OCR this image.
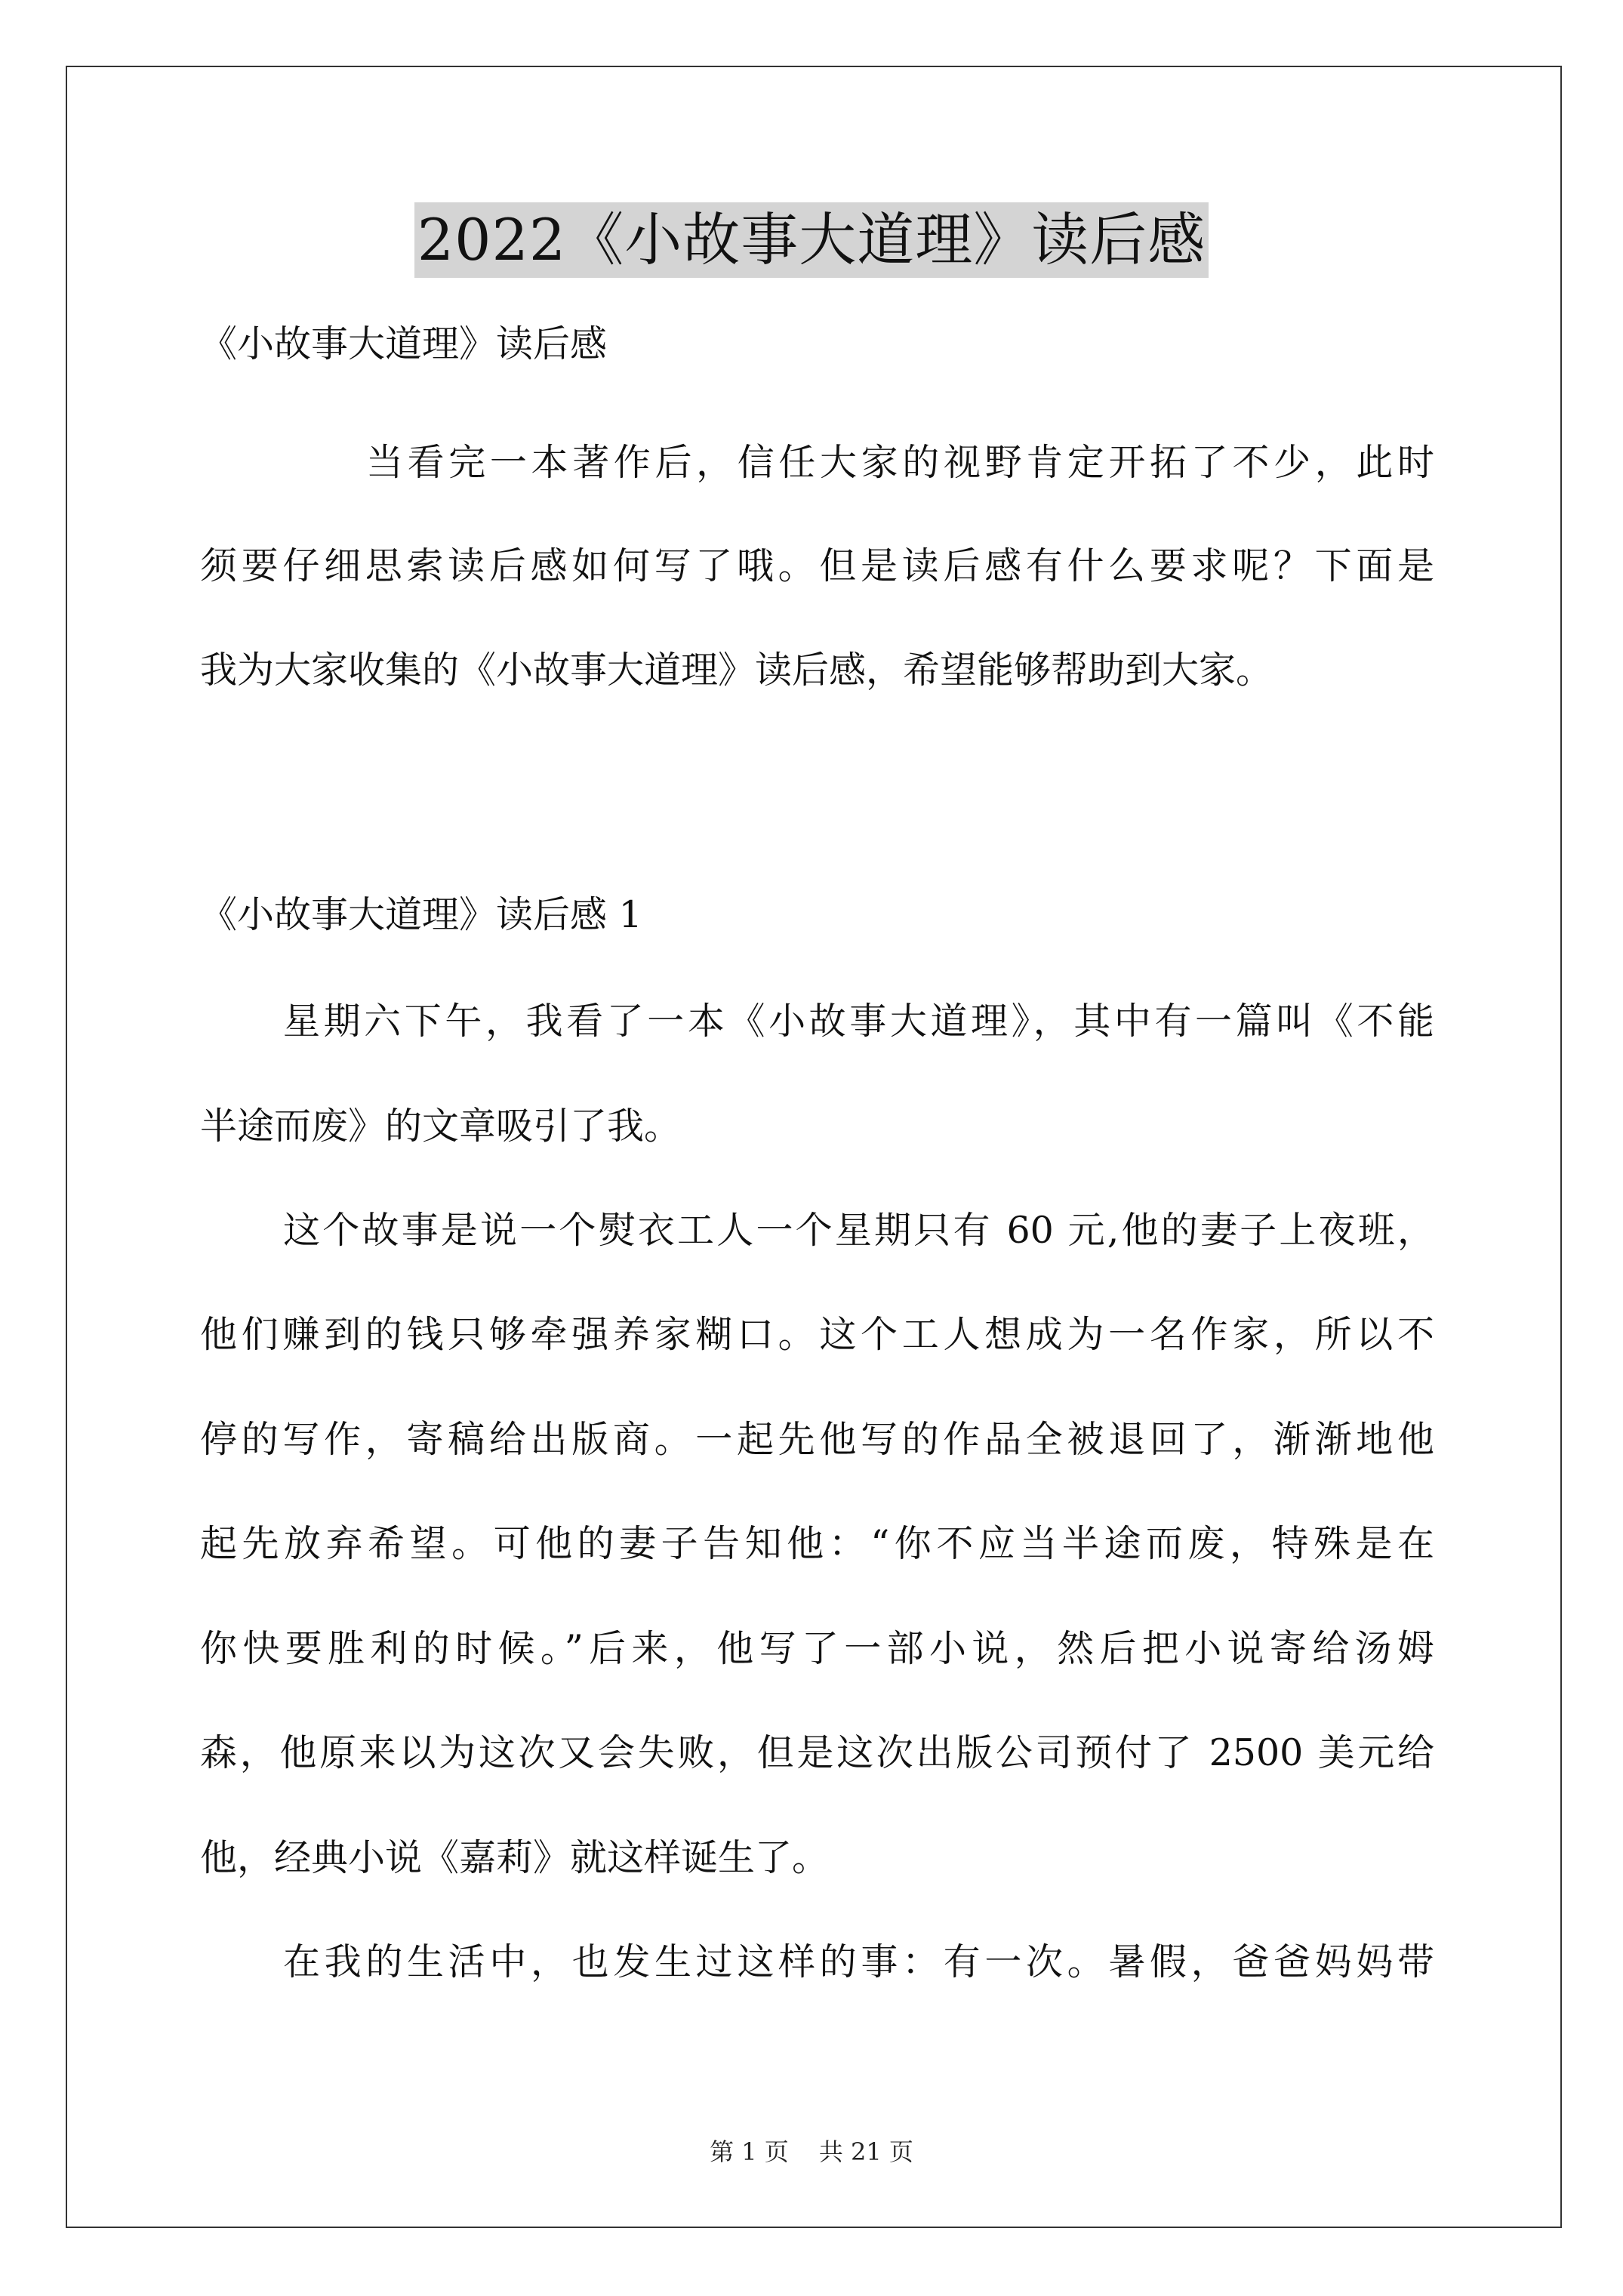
2022《小故事大道理》读后感
《小故事大道理》读后感
当看完一本著作后，信任大家的视野肯定开拓了不少，此时
须要仔细思索读后感如何写了哦。但是读后感有什么要求呢？下面是
我为大家收集的《小故事大道理》读后感，希望能够帮助到大家。
《小故事大道理》读后感 1
星期六下午，我看了一本《小故事大道理》，其中有一篇叫《不能
半途而废》的文章吸引了我。
这个故事是说一个熨衣工人一个星期只有 60 元,他的妻子上夜班，
他们赚到的钱只够牵强养家糊口。这个工人想成为一名作家，所以不
停的写作，寄稿给出版商。一起先他写的作品全被退回了，渐渐地他
起先放弃希望。可他的妻子告知他：“你不应当半途而废，特殊是在
你快要胜利的时候。”后来，他写了一部小说，然后把小说寄给汤姆
森，他原来以为这次又会失败，但是这次出版公司预付了 2500 美元给
他，经典小说《嘉莉》就这样诞生了。
在我的生活中，也发生过这样的事：有一次。暑假，爸爸妈妈带
第 1 页 共 21 页
